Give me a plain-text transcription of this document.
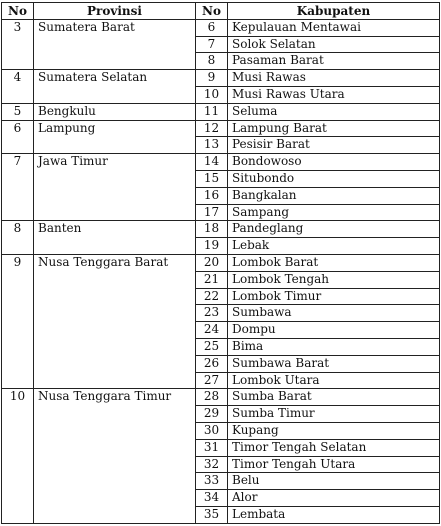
No	Provinsi	No	Kabupaten
3	Sumatera Barat	6	Kepulauan Mentawai
		7	Solok Selatan
		8	Pasaman Barat
4	Sumatera Selatan	9	Musi Rawas
		10	Musi Rawas Utara
5	Bengkulu	11	Seluma
6	Lampung	12	Lampung Barat
		13	Pesisir Barat
7	Jawa Timur	14	Bondowoso
		15	Situbondo
		16	Bangkalan
		17	Sampang
8	Banten	18	Pandeglang
		19	Lebak
9	Nusa Tenggara Barat	20	Lombok Barat
		21	Lombok Tengah
		22	Lombok Timur
		23	Sumbawa
		24	Dompu
		25	Bima
		26	Sumbawa Barat
		27	Lombok Utara
10	Nusa Tenggara Timur	28	Sumba Barat
		29	Sumba Timur
		30	Kupang
		31	Timor Tengah Selatan
		32	Timor Tengah Utara
		33	Belu
		34	Alor
		35	Lembata
